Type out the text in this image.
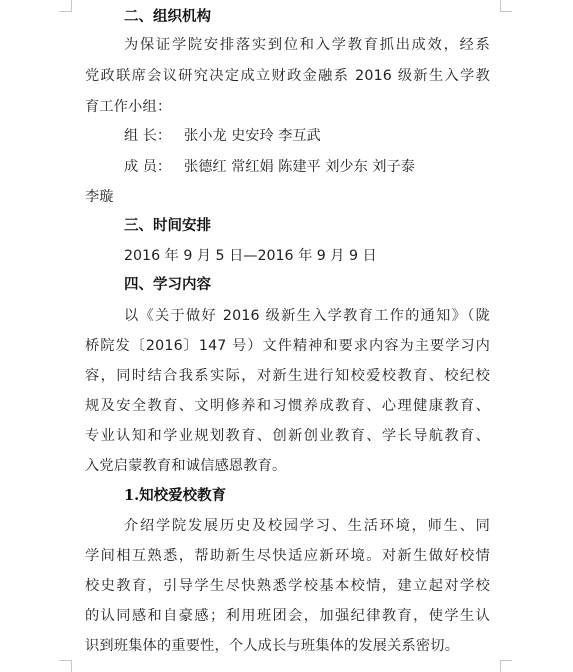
二、组织机构
为保证学院安排落实到位和入学教育抓出成效，经系
党政联席会议研究决定成立财政金融系 2016 级新生入学教
育工作小组：
组 长： 张小龙 史安玲 李互武
成 员： 张德红 常红娟 陈建平 刘少东 刘子泰
李璇
三、时间安排
2016 年 9 月 5 日—2016 年 9 月 9 日
四、学习内容
以《关于做好 2016 级新生入学教育工作的通知》（陇
桥院发〔2016〕147 号）文件精神和要求内容为主要学习内
容，同时结合我系实际，对新生进行知校爱校教育、校纪校
规及安全教育、文明修养和习惯养成教育、心理健康教育、
专业认知和学业规划教育、创新创业教育、学长导航教育、
入党启蒙教育和诚信感恩教育。
1.知校爱校教育
介绍学院发展历史及校园学习、生活环境，师生、同
学间相互熟悉，帮助新生尽快适应新环境。对新生做好校情
校史教育，引导学生尽快熟悉学校基本校情，建立起对学校
的认同感和自豪感；利用班团会，加强纪律教育，使学生认
识到班集体的重要性，个人成长与班集体的发展关系密切。
